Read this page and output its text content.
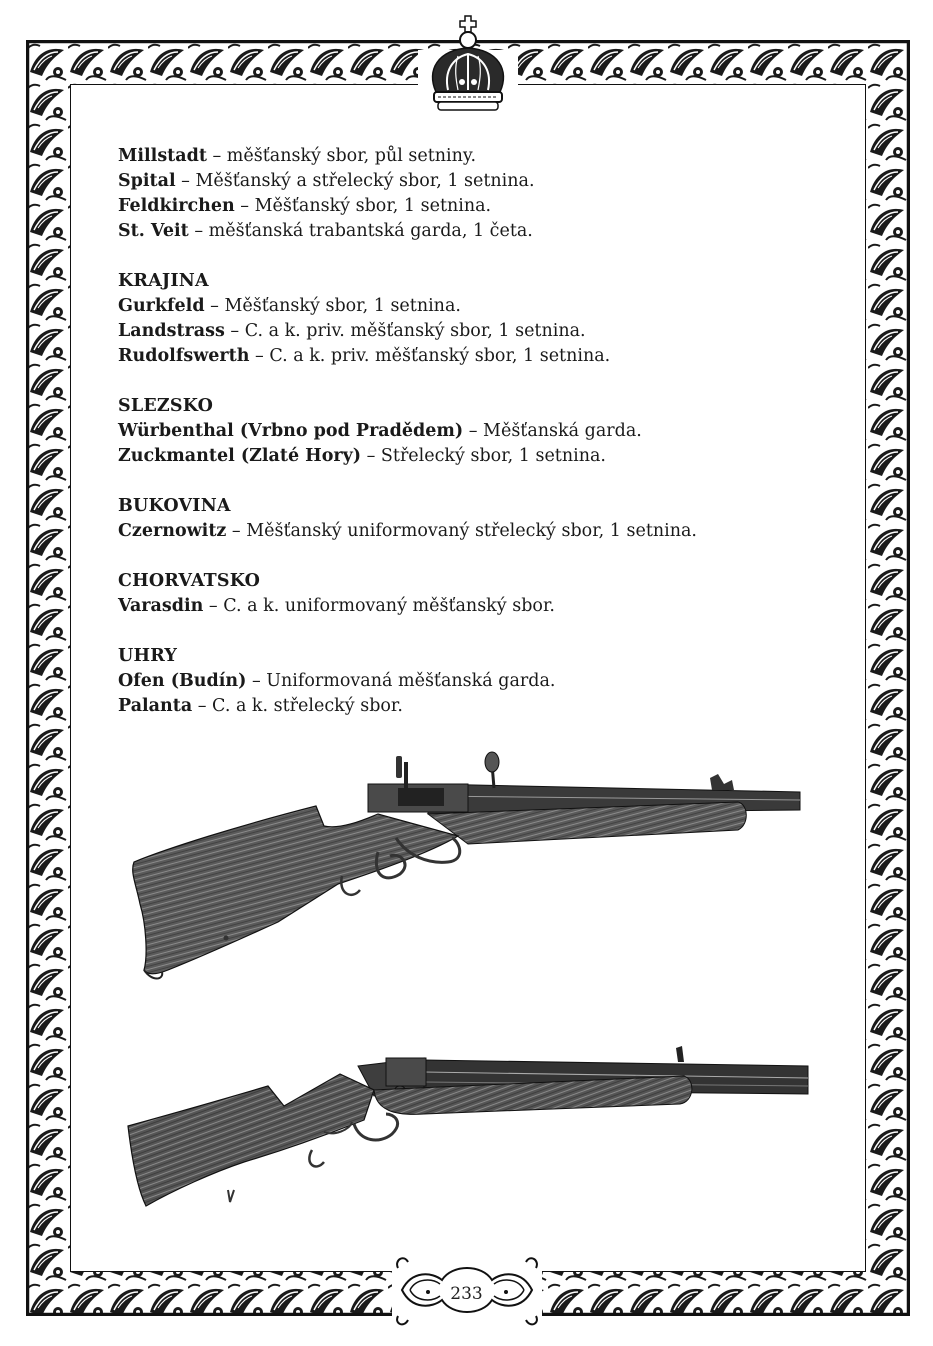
Millstadt – měšťanský sbor, půl setniny.
Spital – Měšťanský a střelecký sbor, 1 setnina.
Feldkirchen – Měšťanský sbor, 1 setnina.
St. Veit – měšťanská trabantská garda, 1 četa.
KRAJINA
Gurkfeld – Měšťanský sbor, 1 setnina.
Landstrass – C. a k. priv. měšťanský sbor, 1 setnina.
Rudolfswerth – C. a k. priv. měšťanský sbor, 1 setnina.
SLEZSKO
Würbenthal (Vrbno pod Pradědem) – Měšťanská garda.
Zuckmantel (Zlaté Hory) – Střelecký sbor, 1 setnina.
BUKOVINA
Czernowitz – Měšťanský uniformovaný střelecký sbor, 1 setnina.
CHORVATSKO
Varasdin – C. a k. uniformovaný měšťanský sbor.
UHRY
Ofen (Budín) – Uniformovaná měšťanská garda.
Palanta – C. a k. střelecký sbor.
233
